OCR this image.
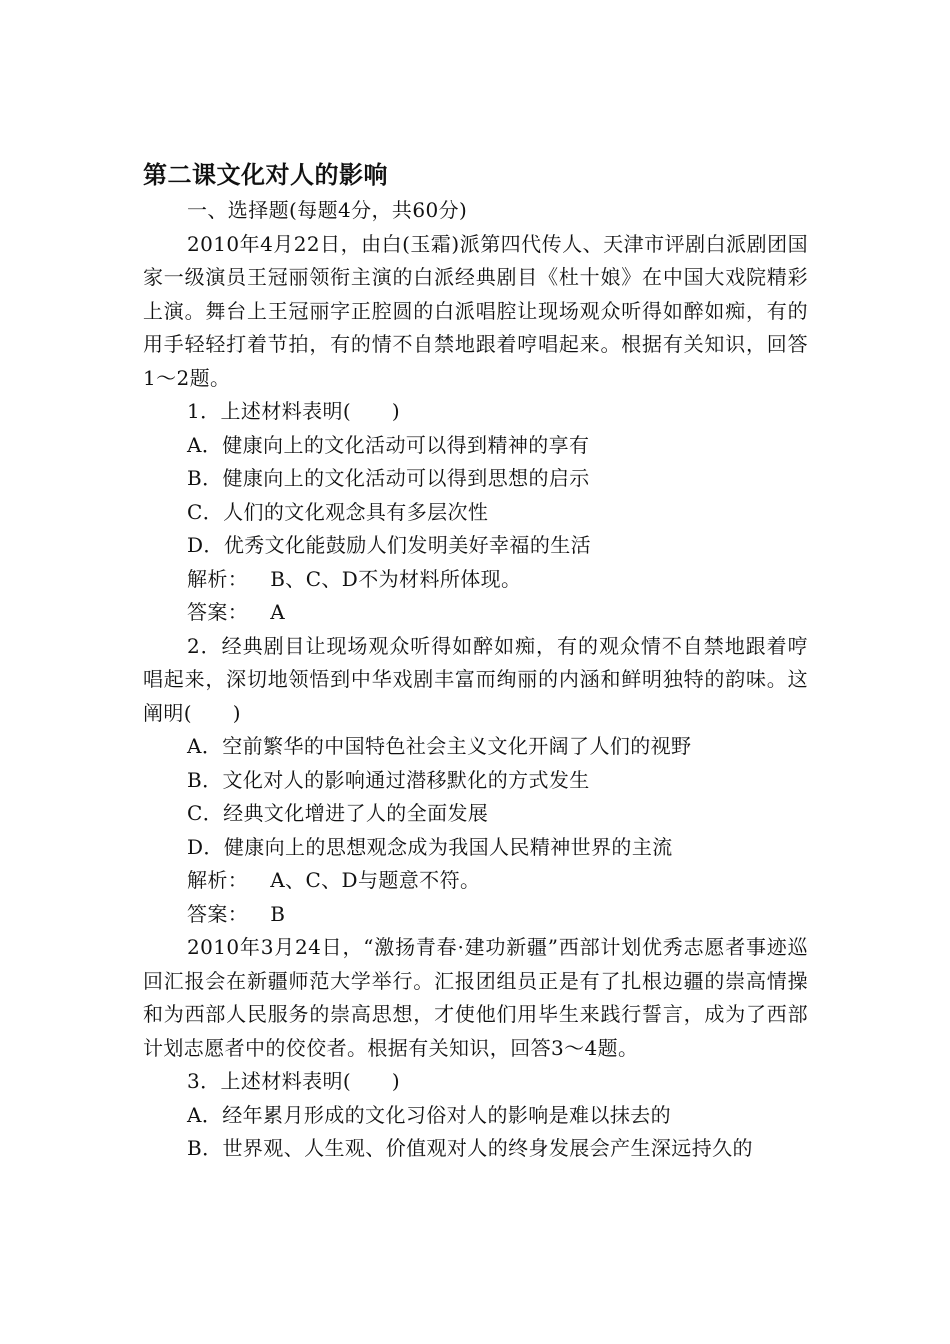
第二课文化对人的影响

一、选择题(每题4分，共60分)

2010年4月22日，由白(玉霜)派第四代传人、天津市评剧白派剧团国家一级演员王冠丽领衔主演的白派经典剧目《杜十娘》在中国大戏院精彩上演。舞台上王冠丽字正腔圆的白派唱腔让现场观众听得如醉如痴，有的用手轻轻打着节拍，有的情不自禁地跟着哼唱起来。根据有关知识，回答1～2题。

1．上述材料表明(　　)

A．健康向上的文化活动可以得到精神的享有

B．健康向上的文化活动可以得到思想的启示

C．人们的文化观念具有多层次性

D．优秀文化能鼓励人们发明美好幸福的生活

解析： B、C、D不为材料所体现。

答案： A

2．经典剧目让现场观众听得如醉如痴，有的观众情不自禁地跟着哼唱起来，深切地领悟到中华戏剧丰富而绚丽的内涵和鲜明独特的韵味。这阐明(　　)

A．空前繁华的中国特色社会主义文化开阔了人们的视野

B．文化对人的影响通过潜移默化的方式发生

C．经典文化增进了人的全面发展

D．健康向上的思想观念成为我国人民精神世界的主流

解析： A、C、D与题意不符。

答案： B

2010年3月24日，“激扬青春·建功新疆”西部计划优秀志愿者事迹巡回汇报会在新疆师范大学举行。汇报团组员正是有了扎根边疆的崇高情操和为西部人民服务的崇高思想，才使他们用毕生来践行誓言，成为了西部计划志愿者中的佼佼者。根据有关知识，回答3～4题。

3．上述材料表明(　　)

A．经年累月形成的文化习俗对人的影响是难以抹去的

B．世界观、人生观、价值观对人的终身发展会产生深远持久的
